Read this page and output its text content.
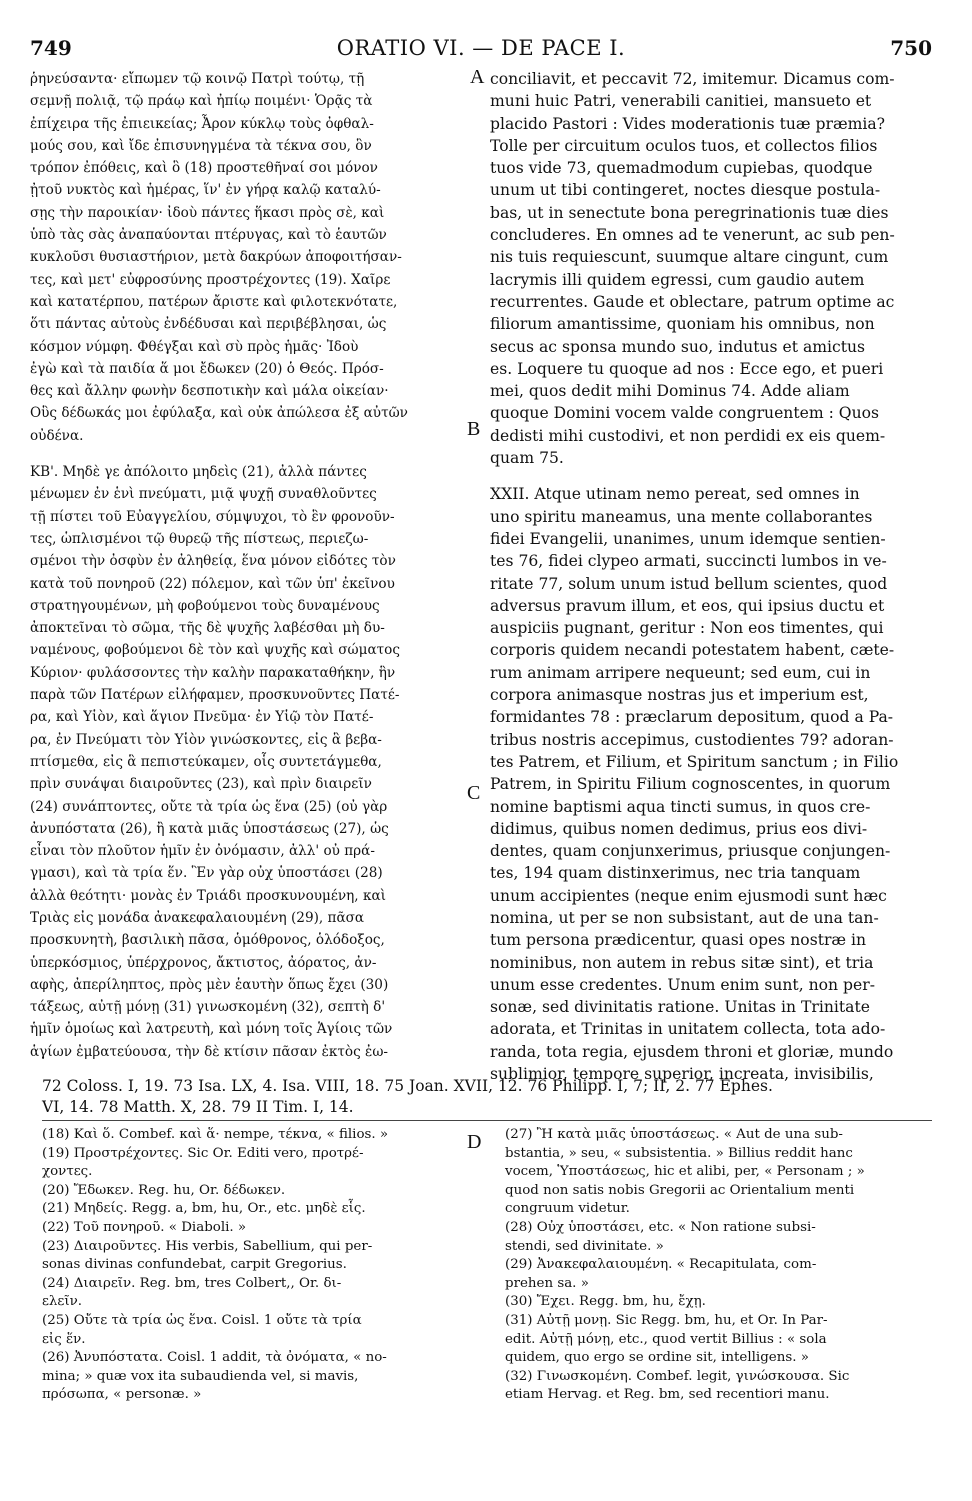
749	ORATIO VI. — DE PACE I.	750

ῥηνεύσαντα· εἴπωμεν τῷ κοινῷ Πατρὶ τούτῳ, τῇ

σεμνῇ πολιᾷ, τῷ πράῳ καὶ ἠπίῳ ποιμένι· Ὁρᾷς τὰ

ἐπίχειρα τῆς ἐπιεικείας; Ἆρον κύκλῳ τοὺς ὀφθαλ-

μούς σου, καὶ ἴδε ἐπισυνηγμένα τὰ τέκνα σου, ὃν

τρόπον ἐπόθεις, καὶ ὃ (18) προστεθῆναί σοι μόνον

ᾐτοῦ νυκτὸς καὶ ἡμέρας, ἵν' ἐν γήρᾳ καλῷ καταλύ-

σῃς τὴν παροικίαν· ἰδοὺ πάντες ἥκασι πρὸς σὲ, καὶ

ὑπὸ τὰς σὰς ἀναπαύονται πτέρυγας, καὶ τὸ ἑαυτῶν

κυκλοῦσι θυσιαστήριον, μετὰ δακρύων ἀποφοιτήσαν-

τες, καὶ μετ' εὐφροσύνης προστρέχοντες (19). Χαῖρε

καὶ κατατέρπου, πατέρων ἄριστε καὶ φιλοτεκνότατε,

ὅτι πάντας αὐτοὺς ἐνδέδυσαι καὶ περιβέβλησαι, ὡς

κόσμον νύμφη. Φθέγξαι καὶ σὺ πρὸς ἡμᾶς· Ἰδοὺ

ἐγὼ καὶ τὰ παιδία ἅ μοι ἔδωκεν (20) ὁ Θεός. Πρόσ-

θες καὶ ἄλλην φωνὴν δεσποτικὴν καὶ μάλα οἰκείαν·

Οὓς δέδωκάς μοι ἐφύλαξα, καὶ οὐκ ἀπώλεσα ἐξ αὐτῶν

οὐδένα.

ΚΒ'. Μηδὲ γε ἀπόλοιτο μηδεὶς (21), ἀλλὰ πάντες

μένωμεν ἐν ἑνὶ πνεύματι, μιᾷ ψυχῇ συναθλοῦντες

τῇ πίστει τοῦ Εὐαγγελίου, σύμψυχοι, τὸ ἓν φρονοῦν-

τες, ὡπλισμένοι τῷ θυρεῷ τῆς πίστεως, περιεζω-

σμένοι τὴν ὀσφὺν ἐν ἀληθείᾳ, ἕνα μόνον εἰδότες τὸν

κατὰ τοῦ πονηροῦ (22) πόλεμον, καὶ τῶν ὑπ' ἐκεῖνου

στρατηγουμένων, μὴ φοβούμενοι τοὺς δυναμένους

ἀποκτεῖναι τὸ σῶμα, τῆς δὲ ψυχῆς λαβέσθαι μὴ δυ-

ναμένους, φοβούμενοι δὲ τὸν καὶ ψυχῆς καὶ σώματος

Κύριον· φυλάσσοντες τὴν καλὴν παρακαταθήκην, ἣν

παρὰ τῶν Πατέρων εἰλήφαμεν, προσκυνοῦντες Πατέ-

ρα, καὶ Υἱὸν, καὶ ἅγιον Πνεῦμα· ἐν Υἱῷ τὸν Πατέ-

ρα, ἐν Πνεύματι τὸν Υἱὸν γινώσκοντες, εἰς ἃ βεβα-

πτίσμεθα, εἰς ἃ πεπιστεύκαμεν, οἷς συντετάγμεθα,

πρὶν συνάψαι διαιροῦντες (23), καὶ πρὶν διαιρεῖν

(24) συνάπτοντες, οὔτε τὰ τρία ὡς ἕνα (25) (οὐ γὰρ

ἀνυπόστατα (26), ἢ κατὰ μιᾶς ὑποστάσεως (27), ὡς

εἶναι τὸν πλοῦτον ἡμῖν ἐν ὀνόμασιν, ἀλλ' οὐ πρά-

γμασι), καὶ τὰ τρία ἕν. Ἓν γὰρ οὐχ ὑποστάσει (28)

ἀλλὰ θεότητι· μονὰς ἐν Τριάδι προσκυνουμένη, καὶ

Τριὰς εἰς μονάδα ἀνακεφαλαιουμένη (29), πᾶσα

προσκυνητὴ, βασιλικὴ πᾶσα, ὁμόθρονος, ὁλόδοξος,

ὑπερκόσμιος, ὑπέρχρονος, ἄκτιστος, ἀόρατος, ἀν-

αφὴς, ἀπερίληπτος, πρὸς μὲν ἑαυτὴν ὅπως ἔχει (30)

τάξεως, αὐτῇ μόνῃ (31) γινωσκομένη (32), σεπτὴ δ'

ἡμῖν ὁμοίως καὶ λατρευτὴ, καὶ μόνη τοῖς Ἁγίοις τῶν

ἁγίων ἐμβατεύουσα, τὴν δὲ κτίσιν πᾶσαν ἐκτὸς ἐω-

conciliavit, et peccavit 72, imitemur. Dicamus com-

muni huic Patri, venerabili canitiei, mansueto et

placido Pastori : Vides moderationis tuæ præmia?

Tolle per circuitum oculos tuos, et collectos filios

tuos vide 73, quemadmodum cupiebas, quodque

unum ut tibi contingeret, noctes diesque postula-

bas, ut in senectute bona peregrinationis tuæ dies

concluderes. En omnes ad te venerunt, ac sub pen-

nis tuis requiescunt, suumque altare cingunt, cum

lacrymis illi quidem egressi, cum gaudio autem

recurrentes. Gaude et oblectare, patrum optime ac

filiorum amantissime, quoniam his omnibus, non

secus ac sponsa mundo suo, indutus et amictus

es. Loquere tu quoque ad nos : Ecce ego, et pueri

mei, quos dedit mihi Dominus 74. Adde aliam

quoque Domini vocem valde congruentem : Quos

dedisti mihi custodivi, et non perdidi ex eis quem-

quam 75.

XXII. Atque utinam nemo pereat, sed omnes in

uno spiritu maneamus, una mente collaborantes

fidei Evangelii, unanimes, unum idemque sentien-

tes 76, fidei clypeo armati, succincti lumbos in ve-

ritate 77, solum unum istud bellum scientes, quod

adversus pravum illum, et eos, qui ipsius ductu et

auspiciis pugnant, geritur : Non eos timentes, qui

corporis quidem necandi potestatem habent, cæte-

rum animam arripere nequeunt; sed eum, cui in

corpora animasque nostras jus et imperium est,

formidantes 78 : præclarum depositum, quod a Pa-

tribus nostris accepimus, custodientes 79? adoran-

tes Patrem, et Filium, et Spiritum sanctum ; in Filio

Patrem, in Spiritu Filium cognoscentes, in quorum

nomine baptismi aqua tincti sumus, in quos cre-

didimus, quibus nomen dedimus, prius eos divi-

dentes, quam conjunxerimus, priusque conjungen-

tes, 194 quam distinxerimus, nec tria tanquam

unum accipientes (neque enim ejusmodi sunt hæc

nomina, ut per se non subsistant, aut de una tan-

tum persona prædicentur, quasi opes nostræ in

nominibus, non autem in rebus sitæ sint), et tria

unum esse credentes. Unum enim sunt, non per-

sonæ, sed divinitatis ratione. Unitas in Trinitate

adorata, et Trinitas in unitatem collecta, tota ado-

randa, tota regia, ejusdem throni et gloriæ, mundo

sublimior, tempore superior, increata, invisibilis,

A
B
C
D

72 Coloss. I, 19. 73 Isa. LX, 4. Isa. VIII, 18. 75 Joan. XVII, 12. 76 Philipp. I, 7; II, 2. 77 Ephes.

VI, 14. 78 Matth. X, 28. 79 II Tim. I, 14.

(18) Καὶ ὅ. Combef. καὶ ἅ· nempe, τέκνα, « filios. »

(19) Προστρέχοντες. Sic Or. Editi vero, προτρέ-

χοντες.

(20) Ἔδωκεν. Reg. hu, Or. δέδωκεν.

(21) Μηδείς. Regg. a, bm, hu, Or., etc. μηδὲ εἷς.

(22) Τοῦ πονηροῦ. « Diaboli. »

(23) Διαιροῦντες. His verbis, Sabellium, qui per-

sonas divinas confundebat, carpit Gregorius.

(24) Διαιρεῖν. Reg. bm, tres Colbert,, Or. δι-

ελεῖν.

(25) Οὔτε τὰ τρία ὡς ἕνα. Coisl. 1 οὔτε τὰ τρία

εἰς ἕν.

(26) Ἀνυπόστατα. Coisl. 1 addit, τὰ ὀνόματα, « no-

mina; » quæ vox ita subaudienda vel, si mavis,

πρόσωπα, « personæ. »

(27) Ἢ κατὰ μιᾶς ὑποστάσεως. « Aut de una sub-

bstantia, » seu, « subsistentia. » Billius reddit hanc

vocem, Ὑποστάσεως, hic et alibi, per, « Personam ; »

quod non satis nobis Gregorii ac Orientalium menti

congruum videtur.

(28) Οὐχ ὑποστάσει, etc. « Non ratione subsi-

stendi, sed divinitate. »

(29) Ἀνακεφαλαιουμένη. « Recapitulata, com-

prehen sa. »

(30) Ἔχει. Regg. bm, hu, ἔχῃ.

(31) Αὐτῇ μονῃ. Sic Regg. bm, hu, et Or. In Par-

edit. Αὐτῇ μόνῃ, etc., quod vertit Billius : « sola

quidem, quo ergo se ordine sit, intelligens. »

(32) Γινωσκομένη. Combef. legit, γινώσκουσα. Sic

etiam Hervag. et Reg. bm, sed recentiori manu.
